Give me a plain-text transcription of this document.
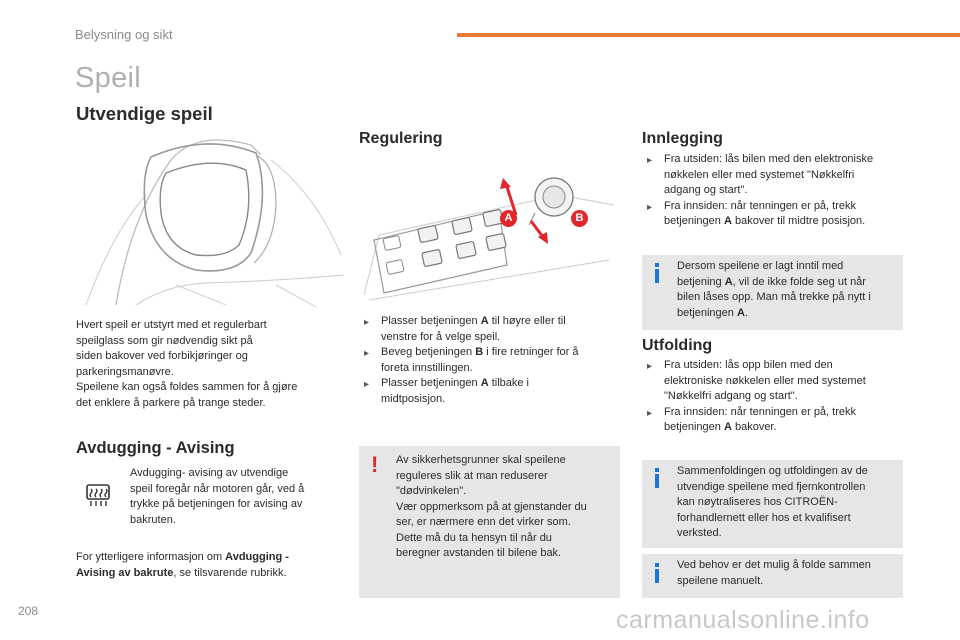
Belysning og sikt
Speil
Utvendige speil
Hvert speil er utstyrt med et regulerbart
speilglass som gir nødvendig sikt på
siden bakover ved forbikjøringer og
parkeringsmanøvre.
Speilene kan også foldes sammen for å gjøre
det enklere å parkere på trange steder.
Avdugging - Avising
Avdugging- avising av utvendige
speil foregår når motoren går, ved å
trykke på betjeningen for avising av
bakruten.
For ytterligere informasjon om Avdugging -
Avising av bakrute, se tilsvarende rubrikk.
Regulering
A	B
▸	Plasser betjeningen A til høyre eller til
venstre for å velge speil.
▸	Beveg betjeningen B i fire retninger for å
foreta innstillingen.
▸	Plasser betjeningen A tilbake i
midtposisjon.
! Av sikkerhetsgrunner skal speilene
reguleres slik at man reduserer
"dødvinkelen".
Vær oppmerksom på at gjenstander du
ser, er nærmere enn det virker som.
Dette må du ta hensyn til når du
beregner avstanden til bilene bak.
Innlegging
▸	Fra utsiden: lås bilen med den elektroniske
nøkkelen eller med systemet "Nøkkelfri
adgang og start".
▸	Fra innsiden: når tenningen er på, trekk
betjeningen A bakover til midtre posisjon.
Dersom speilene er lagt inntil med
betjening A, vil de ikke folde seg ut når
bilen låses opp. Man må trekke på nytt i
betjeningen A.
Utfolding
▸	Fra utsiden: lås opp bilen med den
elektroniske nøkkelen eller med systemet
"Nøkkelfri adgang og start".
▸	Fra innsiden: når tenningen er på, trekk
betjeningen A bakover.
Sammenfoldingen og utfoldingen av de
utvendige speilene med fjernkontrollen
kan nøytraliseres hos CITROËN-
forhandlernett eller hos et kvalifisert
verksted.
Ved behov er det mulig å folde sammen
speilene manuelt.
208	carmanualsonline.info
